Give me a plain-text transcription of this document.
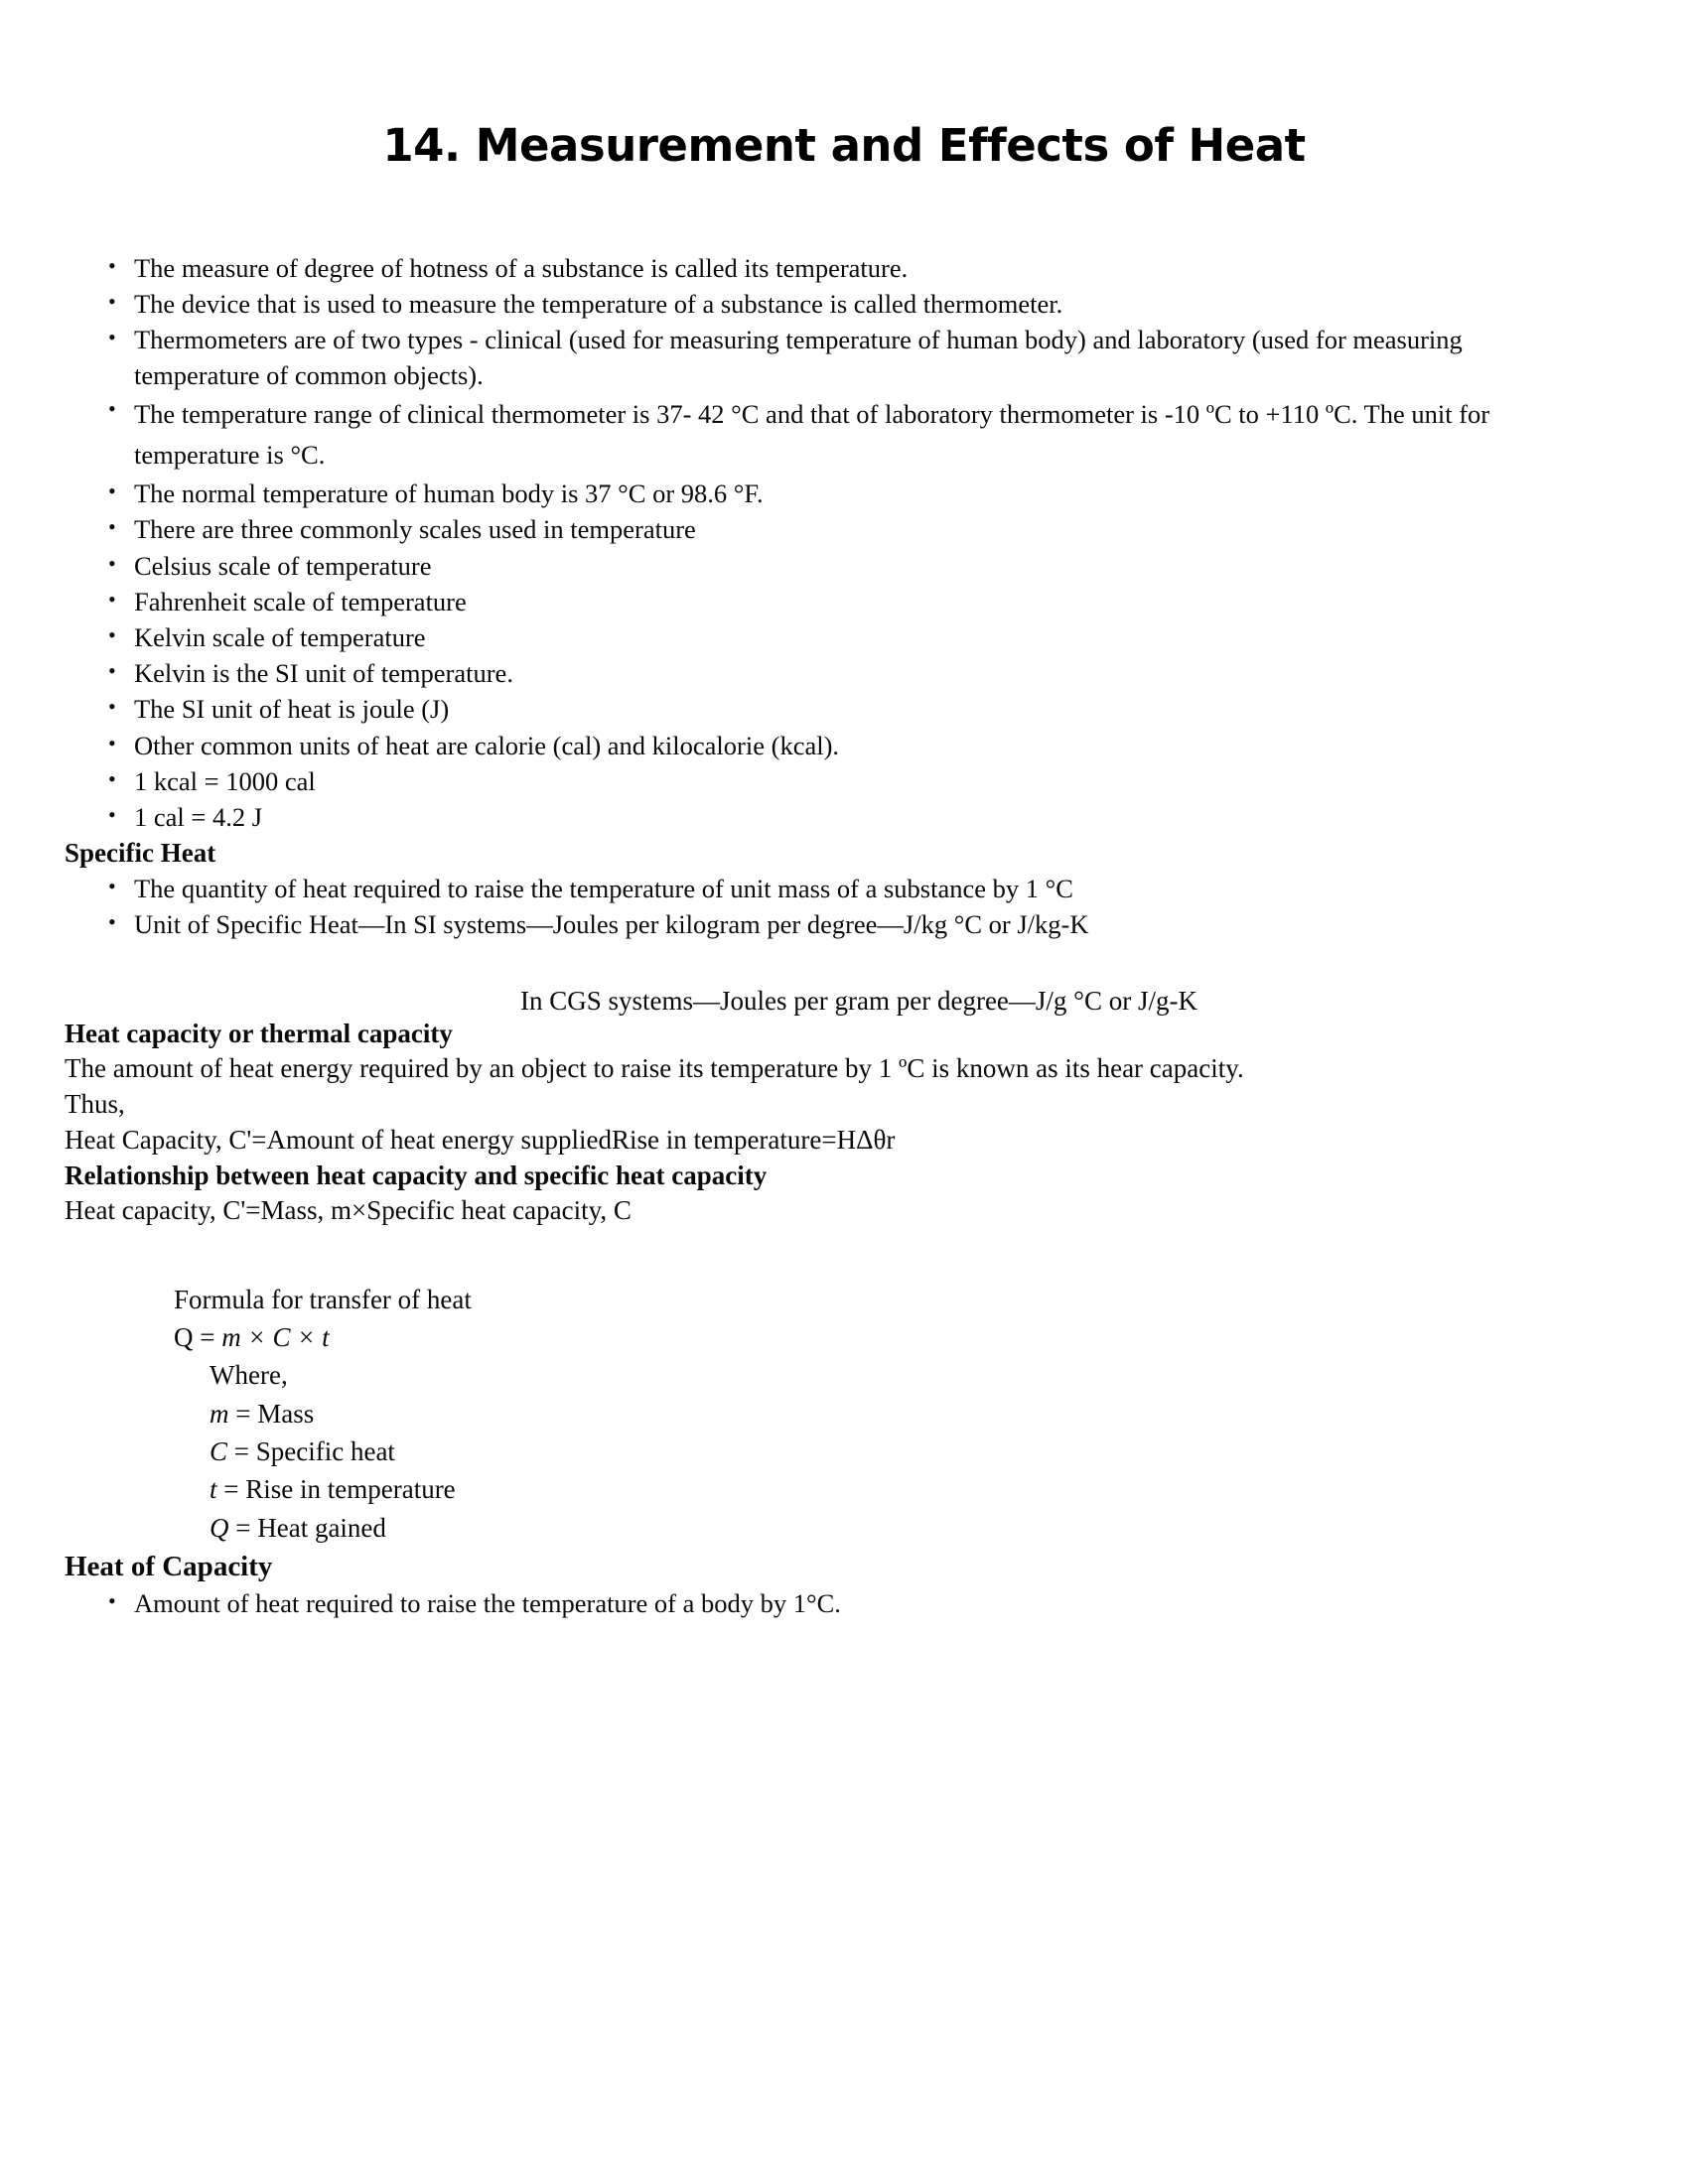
14. Measurement and Effects of Heat
• The measure of degree of hotness of a substance is called its temperature.
• The device that is used to measure the temperature of a substance is called thermometer.
• Thermometers are of two types - clinical (used for measuring temperature of human body) and laboratory (used for measuring temperature of common objects).
• The temperature range of clinical thermometer is 37- 42 °C and that of laboratory thermometer is -10 ºC to +110 ºC. The unit for temperature is °C.
• The normal temperature of human body is 37 °C or 98.6 °F.
• There are three commonly scales used in temperature
• Celsius scale of temperature
• Fahrenheit scale of temperature
• Kelvin scale of temperature
• Kelvin is the SI unit of temperature.
• The SI unit of heat is joule (J)
• Other common units of heat are calorie (cal) and kilocalorie (kcal).
• 1 kcal = 1000 cal
• 1 cal = 4.2 J
Specific Heat
• The quantity of heat required to raise the temperature of unit mass of a substance by 1 °C
• Unit of Specific Heat—In SI systems—Joules per kilogram per degree—J/kg °C or J/kg-K

In CGS systems—Joules per gram per degree—J/g °C or J/g-K

Heat capacity or thermal capacity

The amount of heat energy required by an object to raise its temperature by 1 ºC is known as its hear capacity.
Thus,

Heat Capacity, C'=Amount of heat energy suppliedRise in temperature=HΔθr

Relationship between heat capacity and specific heat capacity

Heat capacity, C'=Mass, m×Specific heat capacity, C

Formula for transfer of heat
Q = m × C × t
Where,
m = Mass
C = Specific heat
t = Rise in temperature
Q = Heat gained
Heat of Capacity
• Amount of heat required to raise the temperature of a body by 1°C.
